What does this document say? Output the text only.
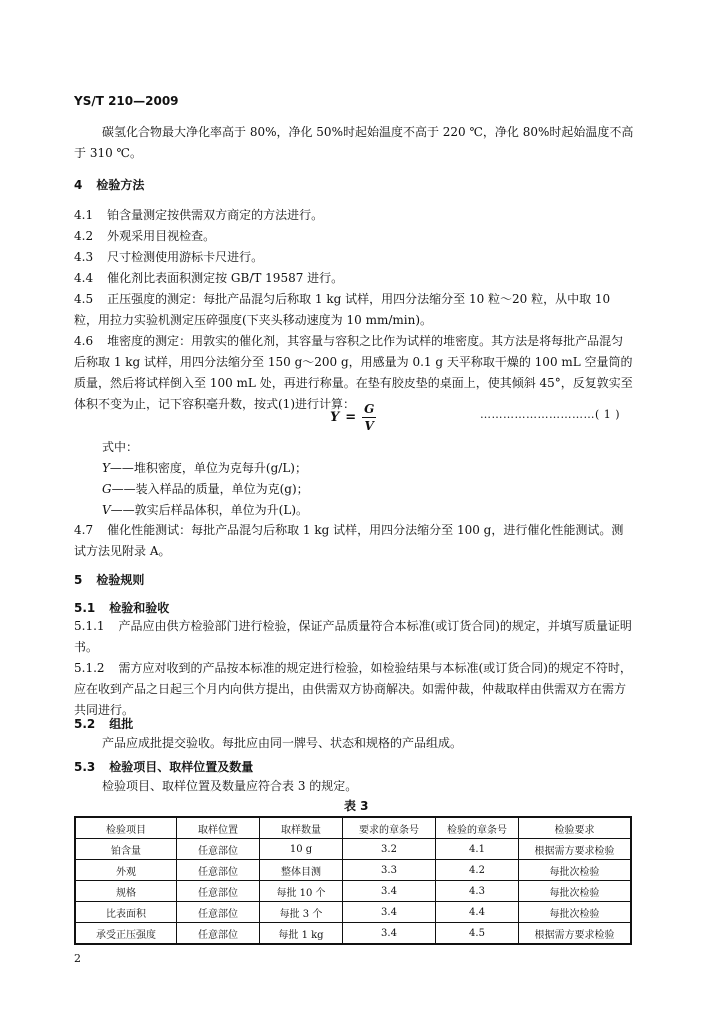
YS/T 210—2009

碳氢化合物最大净化率高于 80%，净化 50%时起始温度不高于 220 ℃，净化 80%时起始温度不高于 310 ℃。

4 检验方法

4.1 铂含量测定按供需双方商定的方法进行。

4.2 外观采用目视检查。

4.3 尺寸检测使用游标卡尺进行。

4.4 催化剂比表面积测定按 GB/T 19587 进行。

4.5 正压强度的测定：每批产品混匀后称取 1 kg 试样，用四分法缩分至 10 粒～20 粒，从中取 10 粒，用拉力实验机测定压碎强度(下夹头移动速度为 10 mm/min)。

4.6 堆密度的测定：用敦实的催化剂，其容量与容积之比作为试样的堆密度。其方法是将每批产品混匀后称取 1 kg 试样，用四分法缩分至 150 g～200 g，用感量为 0.1 g 天平称取干燥的 100 mL 空量筒的质量，然后将试样倒入至 100 mL 处，再进行称量。在垫有胶皮垫的桌面上，使其倾斜 45°，反复敦实至体积不变为止，记下容积毫升数，按式(1)进行计算：

$Y = \frac{G}{V}$	…………………………( 1 )
式中：
Y——堆积密度，单位为克每升(g/L)；
G——装入样品的质量，单位为克(g)；
V——敦实后样品体积，单位为升(L)。

4.7 催化性能测试：每批产品混匀后称取 1 kg 试样，用四分法缩分至 100 g，进行催化性能测试。测试方法见附录 A。

5 检验规则
5.1 检验和验收

5.1.1 产品应由供方检验部门进行检验，保证产品质量符合本标准(或订货合同)的规定，并填写质量证明书。

5.1.2 需方应对收到的产品按本标准的规定进行检验，如检验结果与本标准(或订货合同)的规定不符时，应在收到产品之日起三个月内向供方提出，由供需双方协商解决。如需仲裁，仲裁取样由供需双方在需方共同进行。

5.2 组批

产品应成批提交验收。每批应由同一牌号、状态和规格的产品组成。

5.3 检验项目、取样位置及数量

检验项目、取样位置及数量应符合表 3 的规定。

表 3
检验项目	取样位置	取样数量	要求的章条号	检验的章条号	检验要求
铂含量	任意部位	10 g	3.2	4.1	根据需方要求检验
外观	任意部位	整体目测	3.3	4.2	每批次检验
规格	任意部位	每批 10 个	3.4	4.3	每批次检验
比表面积	任意部位	每批 3 个	3.4	4.4	每批次检验
承受正压强度	任意部位	每批 1 kg	3.4	4.5	根据需方要求检验
2
